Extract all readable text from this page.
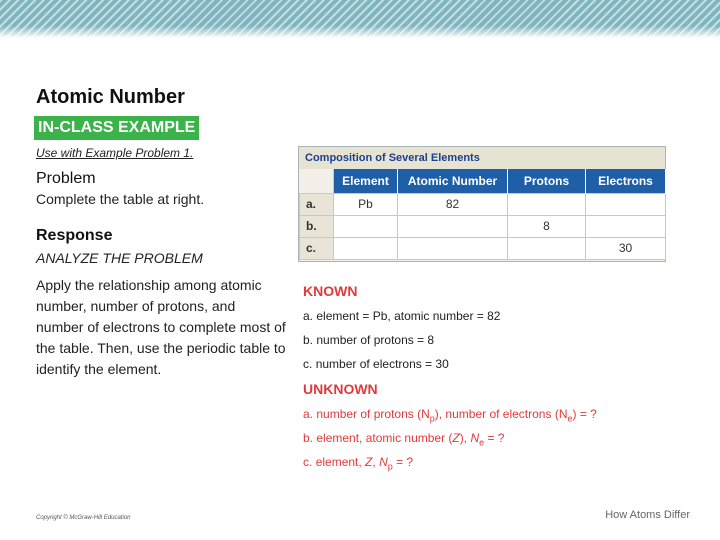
Atomic Number
IN-CLASS EXAMPLE
Use with Example Problem 1.
Problem
Complete the table at right.
Response
ANALYZE THE PROBLEM
Apply the relationship among atomic number, number of protons, and number of electrons to complete most of the table. Then, use the periodic table to identify the element.
Composition of Several Elements
	Element	Atomic Number	Protons	Electrons
a.	Pb	82		
b.			8	
c.				30
KNOWN
a. element = Pb, atomic number = 82
b. number of protons = 8
c. number of electrons = 30
UNKNOWN
a. number of protons $(N_p)$, number of electrons $(N_e)$ = ?
b. element, atomic number (Z), $N_e$ = ?
c. element, Z, $N_p$ = ?
Copyright © McGraw-Hill Education	How Atoms Differ
